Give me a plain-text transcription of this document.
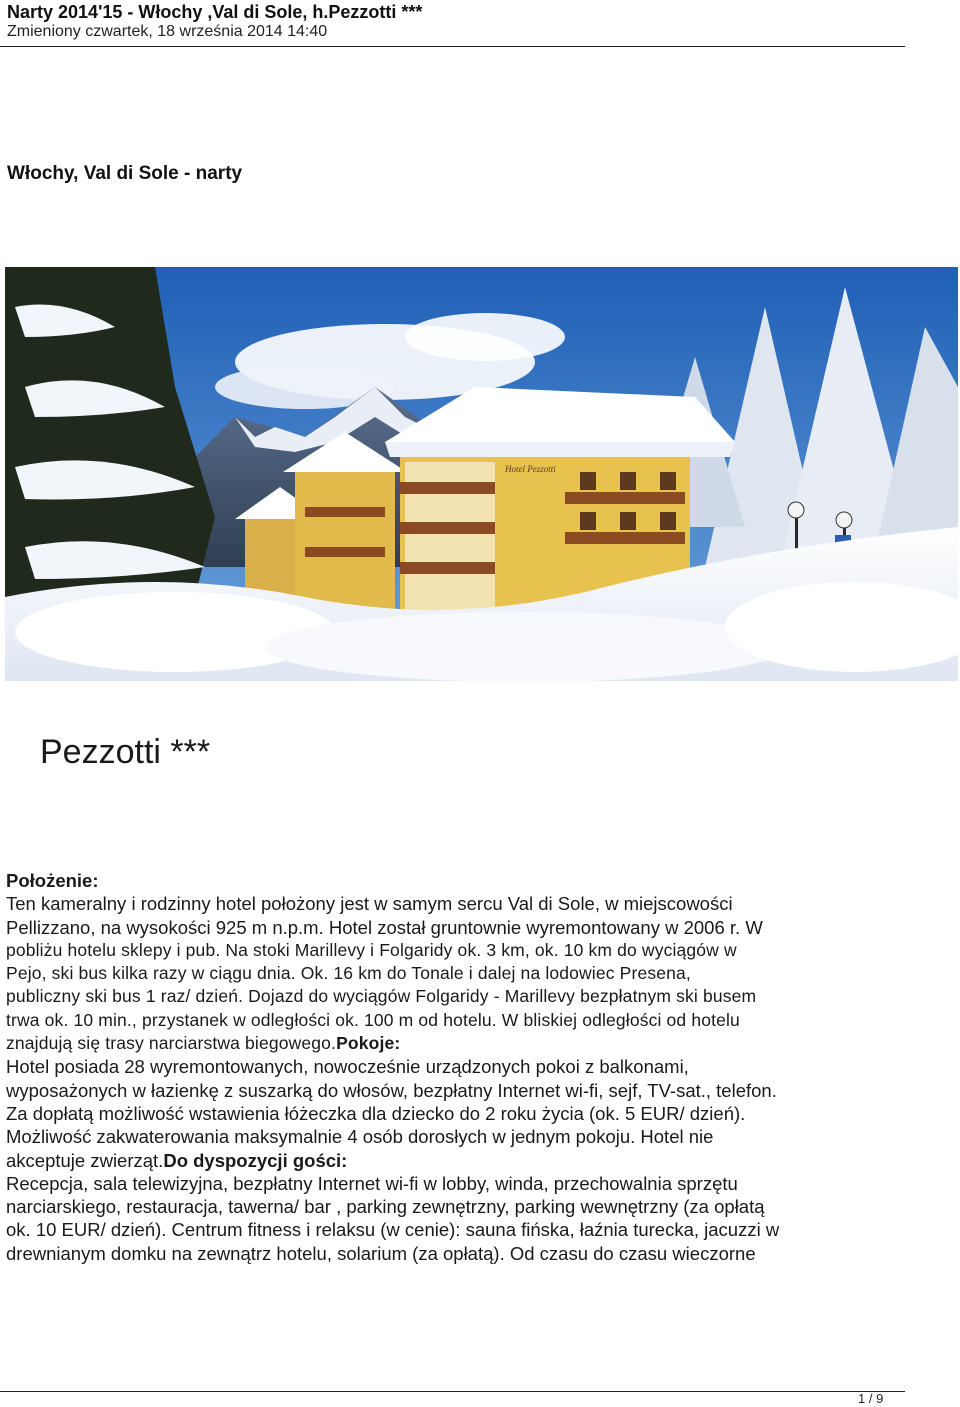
Narty 2014'15 - Włochy ,Val di Sole, h.Pezzotti ***
Zmieniony czwartek, 18 września 2014 14:40
Włochy, Val di Sole - narty
Hotel Pezzotti
Pezzotti ***

Położenie:

Ten kameralny i rodzinny hotel położony jest w samym sercu Val di Sole, w miejscowości

Pellizzano, na wysokości 925 m n.p.m. Hotel został gruntownie wyremontowany w 2006 r. W

pobliżu hotelu sklepy i pub. Na stoki Marillevy i Folgaridy ok. 3 km, ok. 10 km do wyciągów w

Pejo, ski bus kilka razy w ciągu dnia. Ok. 16 km do Tonale i dalej na lodowiec Presena,

publiczny ski bus 1 raz/ dzień. Dojazd do wyciągów Folgaridy - Marillevy bezpłatnym ski busem

trwa ok. 10 min., przystanek w odległości ok. 100 m od hotelu. W bliskiej odległości od hotelu

znajdują się trasy narciarstwa biegowego.Pokoje:

Hotel posiada 28 wyremontowanych, nowocześnie urządzonych pokoi z balkonami,

wyposażonych w łazienkę z suszarką do włosów, bezpłatny Internet wi-fi, sejf, TV-sat., telefon.

Za dopłatą możliwość wstawienia łóżeczka dla dziecko do 2 roku życia (ok. 5 EUR/ dzień).

Możliwość zakwaterowania maksymalnie 4 osób dorosłych w jednym pokoju. Hotel nie

akceptuje zwierząt.Do dyspozycji gości:

Recepcja, sala telewizyjna, bezpłatny Internet wi-fi w lobby, winda, przechowalnia sprzętu

narciarskiego, restauracja, tawerna/ bar , parking zewnętrzny, parking wewnętrzny (za opłatą

ok. 10 EUR/ dzień). Centrum fitness i relaksu (w cenie): sauna fińska, łaźnia turecka, jacuzzi w

drewnianym domku na zewnątrz hotelu, solarium (za opłatą). Od czasu do czasu wieczorne

1 / 9
